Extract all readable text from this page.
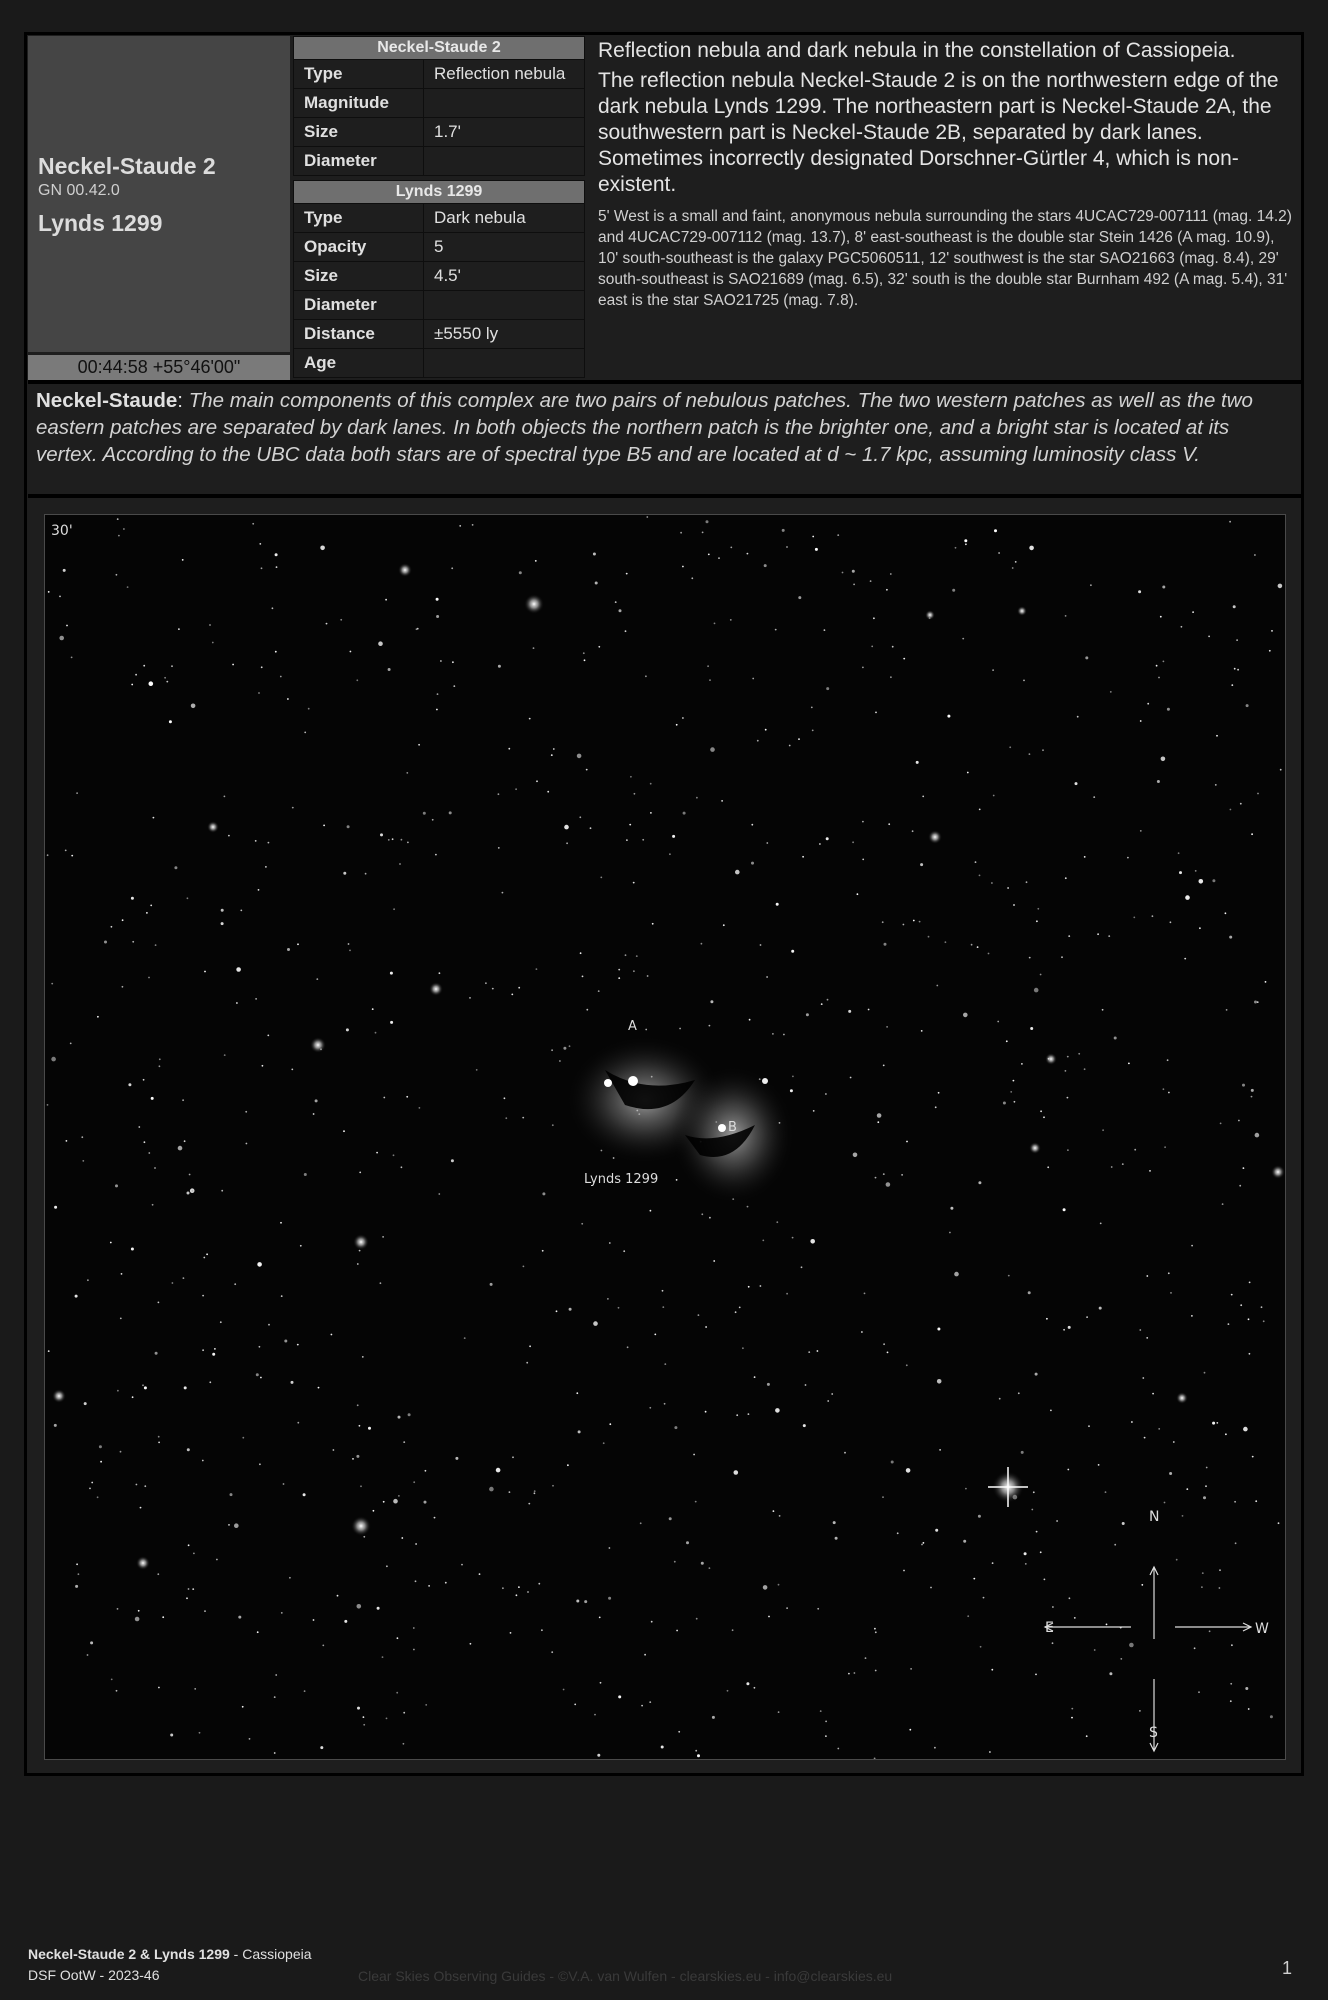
Neckel-Staude 2
GN 00.42.0
Lynds 1299
00:44:58 +55°46'00"
Neckel-Staude 2	
Type	Reflection nebula
Magnitude	
Size	1.7'
Diameter	
Lynds 1299	
Type	Dark nebula
Opacity	5
Size	4.5'
Diameter	
Distance	±5550 ly
Age	

Reflection nebula and dark nebula in the constellation of Cassiopeia.

The reflection nebula Neckel-Staude 2 is on the northwestern edge of the dark nebula Lynds 1299. The northeastern part is Neckel-Staude 2A, the southwestern part is Neckel-Staude 2B, separated by dark lanes.

Sometimes incorrectly designated Dorschner-Gürtler 4, which is non-existent.

5' West is a small and faint, anonymous nebula surrounding the stars 4UCAC729-007111 (mag. 14.2) and 4UCAC729-007112 (mag. 13.7), 8' east-southeast is the double star Stein 1426 (A mag. 10.9), 10' south-southeast is the galaxy PGC5060511, 12' southwest is the star SAO21663 (mag. 8.4), 29' south-southeast is SAO21689 (mag. 6.5), 32' south is the double star Burnham 492 (A mag. 5.4), 31' east is the star SAO21725 (mag. 7.8).

Neckel-Staude: The main components of this complex are two pairs of nebulous patches. The two western patches as well as the two eastern patches are separated by dark lanes. In both objects the northern patch is the brighter one, and a bright star is located at its vertex. According to the UBC data both stars are of spectral type B5 and are located at d ~ 1.7 kpc, assuming luminosity class V.
30'
A
B
Lynds 1299
N
S
E	W
Neckel-Staude 2 & Lynds 1299 - Cassiopeia
DSF OotW - 2023-46	Clear Skies Observing Guides - ©V.A. van Wulfen - clearskies.eu - info@clearskies.eu	1
